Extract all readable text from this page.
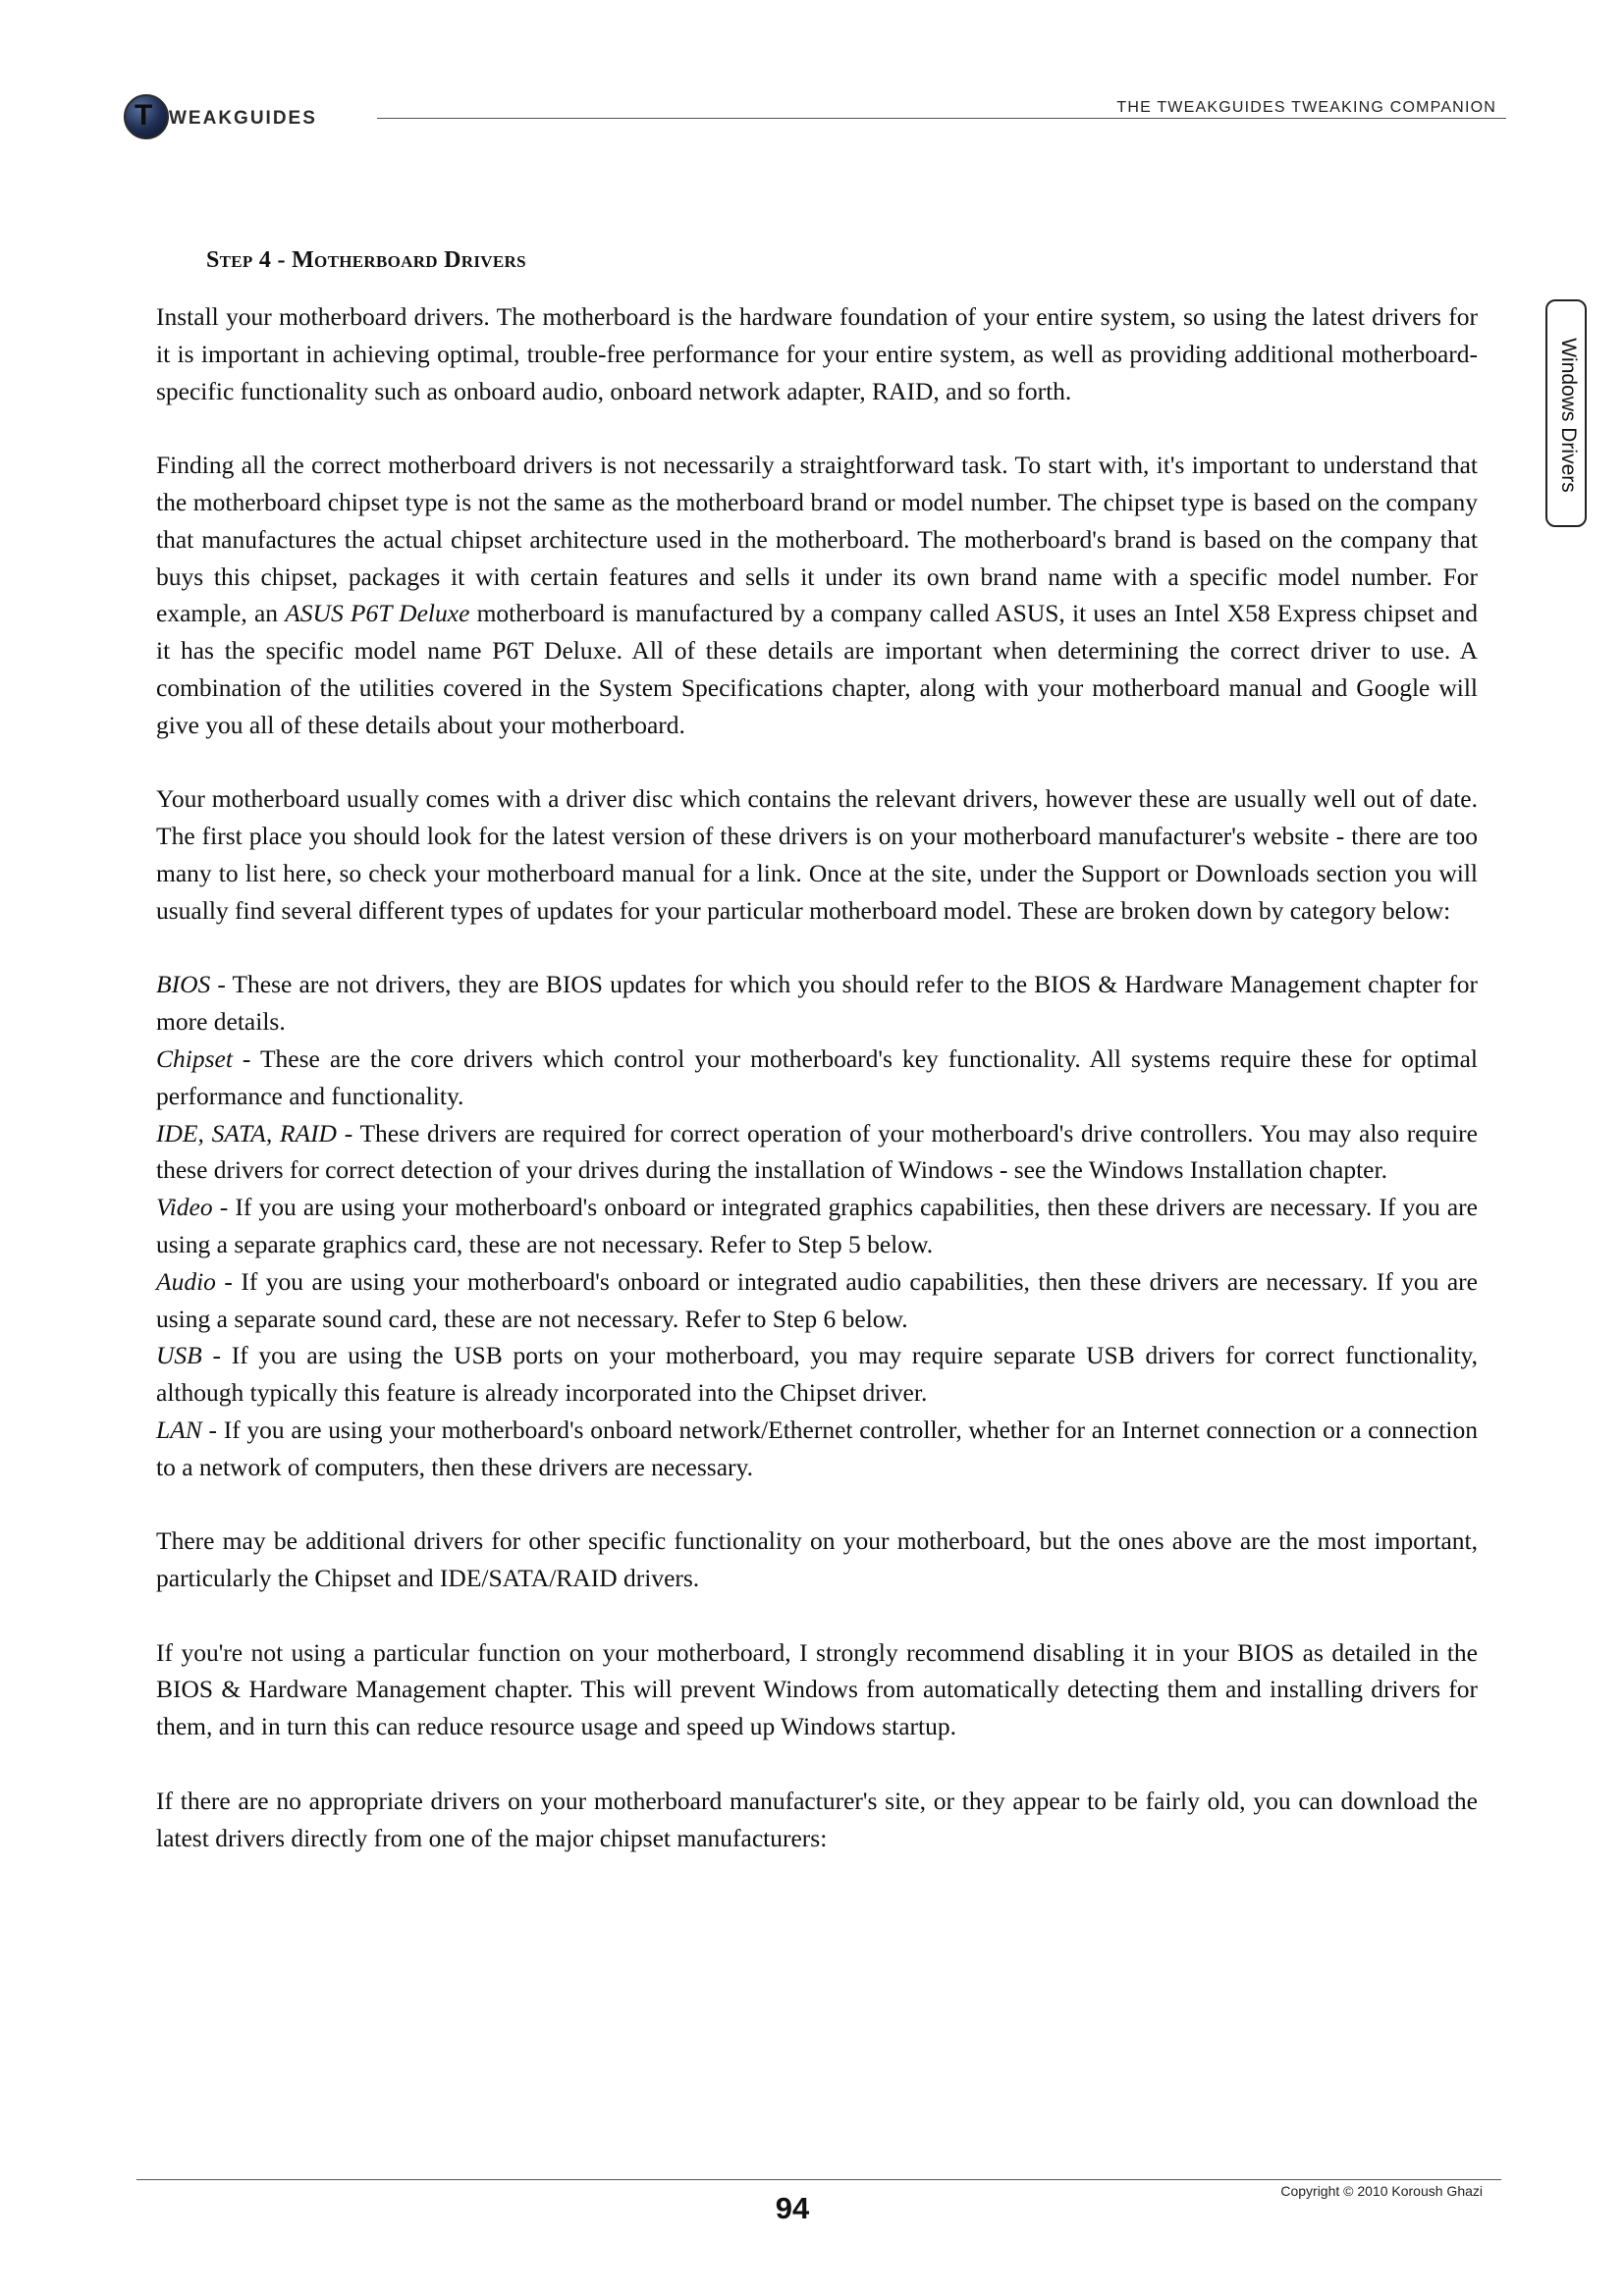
T WEAKGUIDES
THE TWEAKGUIDES TWEAKING COMPANION
Windows Drivers
Step 4 - Motherboard Drivers

Install your motherboard drivers. The motherboard is the hardware foundation of your entire system, so using the latest drivers for it is important in achieving optimal, trouble-free performance for your entire system, as well as providing additional motherboard-specific functionality such as onboard audio, onboard network adapter, RAID, and so forth.

Finding all the correct motherboard drivers is not necessarily a straightforward task. To start with, it's important to understand that the motherboard chipset type is not the same as the motherboard brand or model number. The chipset type is based on the company that manufactures the actual chipset architecture used in the motherboard. The motherboard's brand is based on the company that buys this chipset, packages it with certain features and sells it under its own brand name with a specific model number. For example, an ASUS P6T Deluxe motherboard is manufactured by a company called ASUS, it uses an Intel X58 Express chipset and it has the specific model name P6T Deluxe. All of these details are important when determining the correct driver to use. A combination of the utilities covered in the System Specifications chapter, along with your motherboard manual and Google will give you all of these details about your motherboard.

Your motherboard usually comes with a driver disc which contains the relevant drivers, however these are usually well out of date. The first place you should look for the latest version of these drivers is on your motherboard manufacturer's website - there are too many to list here, so check your motherboard manual for a link. Once at the site, under the Support or Downloads section you will usually find several different types of updates for your particular motherboard model. These are broken down by category below:

BIOS - These are not drivers, they are BIOS updates for which you should refer to the BIOS & Hardware Management chapter for more details.

Chipset - These are the core drivers which control your motherboard's key functionality. All systems require these for optimal performance and functionality.

IDE, SATA, RAID - These drivers are required for correct operation of your motherboard's drive controllers. You may also require these drivers for correct detection of your drives during the installation of Windows - see the Windows Installation chapter.

Video - If you are using your motherboard's onboard or integrated graphics capabilities, then these drivers are necessary. If you are using a separate graphics card, these are not necessary. Refer to Step 5 below.

Audio - If you are using your motherboard's onboard or integrated audio capabilities, then these drivers are necessary. If you are using a separate sound card, these are not necessary. Refer to Step 6 below.

USB - If you are using the USB ports on your motherboard, you may require separate USB drivers for correct functionality, although typically this feature is already incorporated into the Chipset driver.

LAN - If you are using your motherboard's onboard network/Ethernet controller, whether for an Internet connection or a connection to a network of computers, then these drivers are necessary.

There may be additional drivers for other specific functionality on your motherboard, but the ones above are the most important, particularly the Chipset and IDE/SATA/RAID drivers.

If you're not using a particular function on your motherboard, I strongly recommend disabling it in your BIOS as detailed in the BIOS & Hardware Management chapter. This will prevent Windows from automatically detecting them and installing drivers for them, and in turn this can reduce resource usage and speed up Windows startup.

If there are no appropriate drivers on your motherboard manufacturer's site, or they appear to be fairly old, you can download the latest drivers directly from one of the major chipset manufacturers:

94	Copyright © 2010 Koroush Ghazi
